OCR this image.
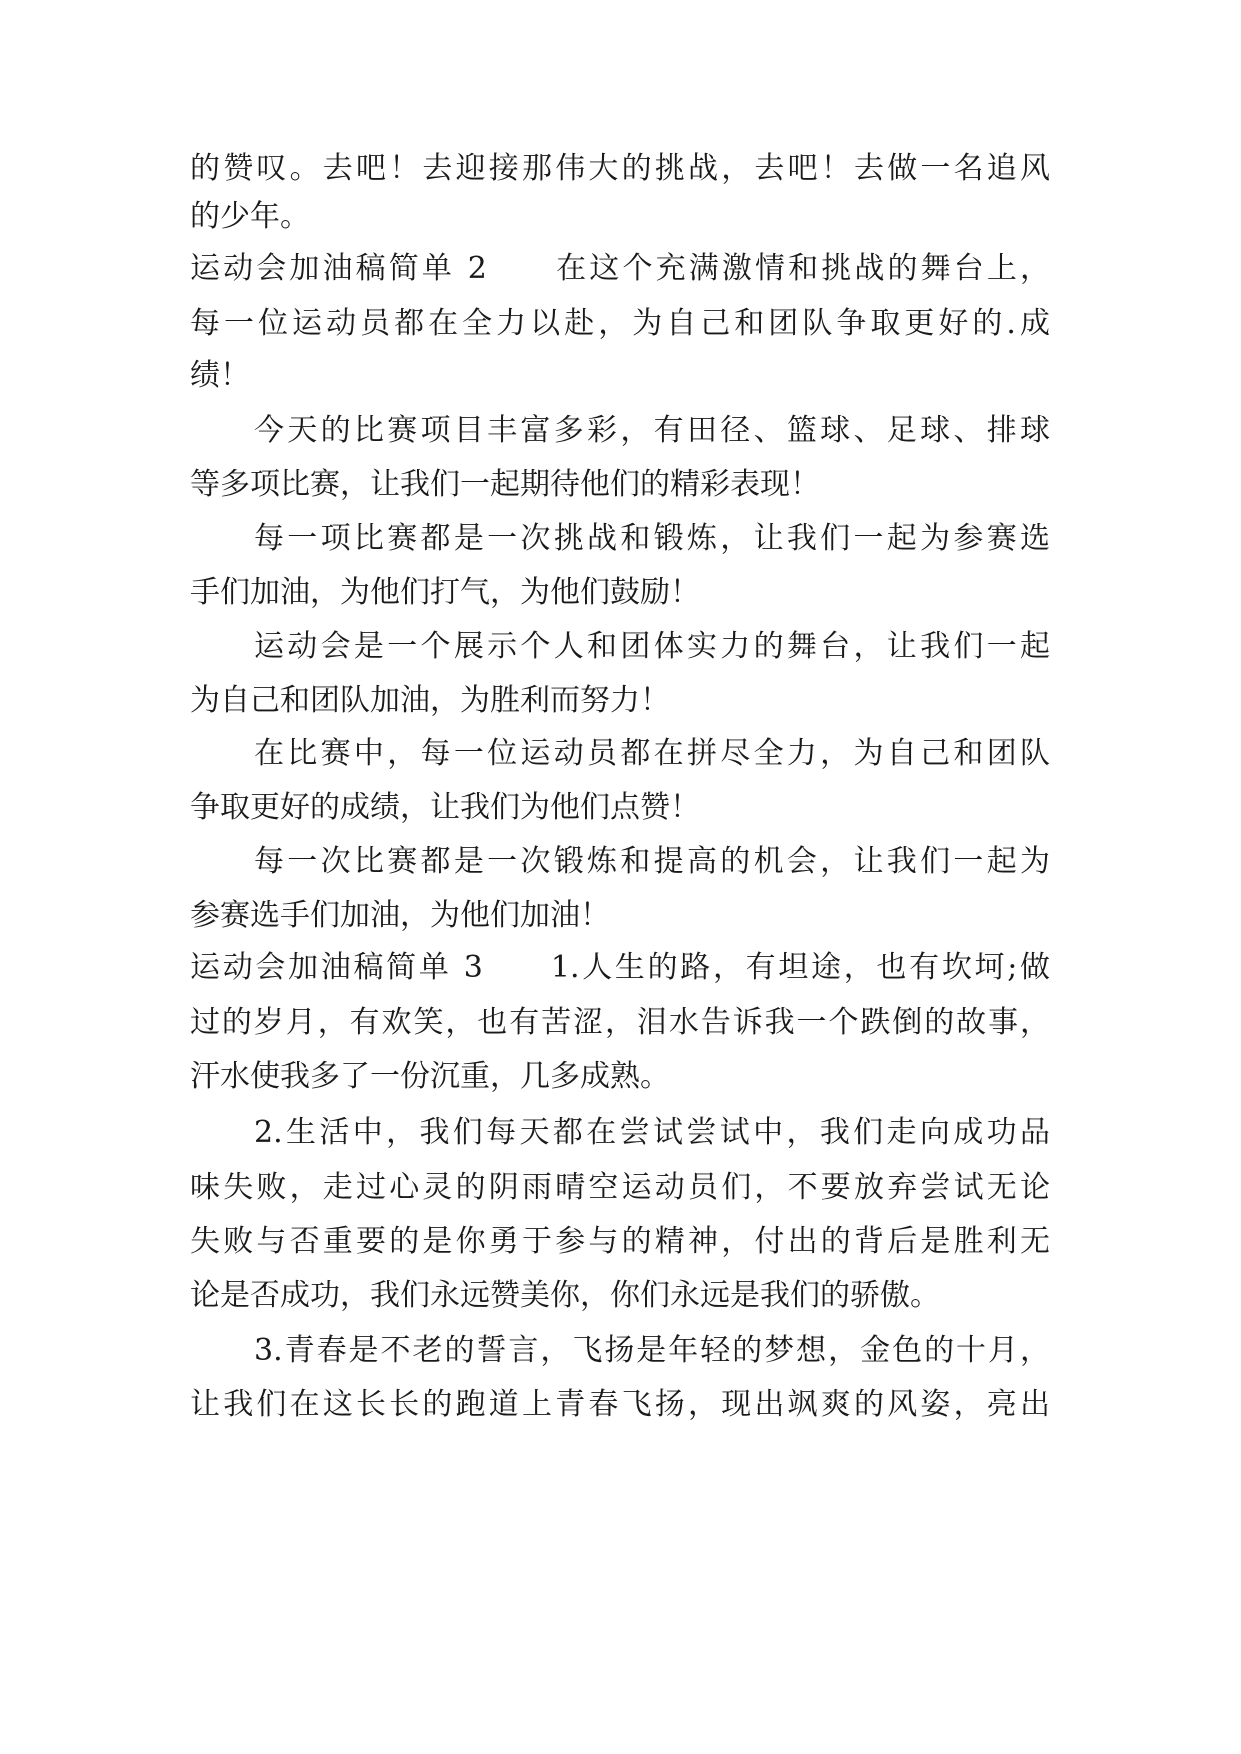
的赞叹。去吧！去迎接那伟大的挑战，去吧！去做一名追风
的少年。
运动会加油稿简单 2　　在这个充满激情和挑战的舞台上，
每一位运动员都在全力以赴，为自己和团队争取更好的.成
绩！
今天的比赛项目丰富多彩，有田径、篮球、足球、排球
等多项比赛，让我们一起期待他们的精彩表现！
每一项比赛都是一次挑战和锻炼，让我们一起为参赛选
手们加油，为他们打气，为他们鼓励！
运动会是一个展示个人和团体实力的舞台，让我们一起
为自己和团队加油，为胜利而努力！
在比赛中，每一位运动员都在拼尽全力，为自己和团队
争取更好的成绩，让我们为他们点赞！
每一次比赛都是一次锻炼和提高的机会，让我们一起为
参赛选手们加油，为他们加油！
运动会加油稿简单 3　　1.人生的路，有坦途，也有坎坷;做
过的岁月，有欢笑，也有苦涩，泪水告诉我一个跌倒的故事，
汗水使我多了一份沉重，几多成熟。
2.生活中，我们每天都在尝试尝试中，我们走向成功品
味失败，走过心灵的阴雨晴空运动员们，不要放弃尝试无论
失败与否重要的是你勇于参与的精神，付出的背后是胜利无
论是否成功，我们永远赞美你，你们永远是我们的骄傲。
3.青春是不老的誓言，飞扬是年轻的梦想，金色的十月，
让我们在这长长的跑道上青春飞扬，现出飒爽的风姿，亮出
